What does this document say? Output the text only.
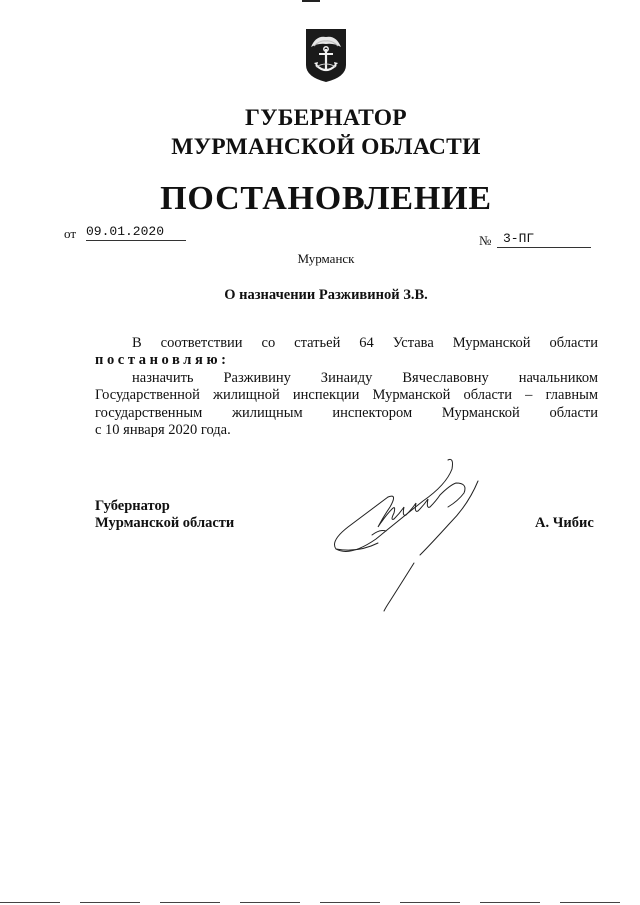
ГУБЕРНАТОР
МУРМАНСКОЙ ОБЛАСТИ
ПОСТАНОВЛЕНИЕ
от 09.01.2020
№ 3-ПГ
Мурманск
О назначении Разживиной З.В.
В соответствии со статьей 64 Устава Мурманской области
постановляю:
назначить Разживину Зинаиду Вячеславовну начальником
Государственной жилищной инспекции Мурманской области – главным
государственным жилищным инспектором Мурманской области
с 10 января 2020 года.
Губернатор
Мурманской области	А. Чибис
